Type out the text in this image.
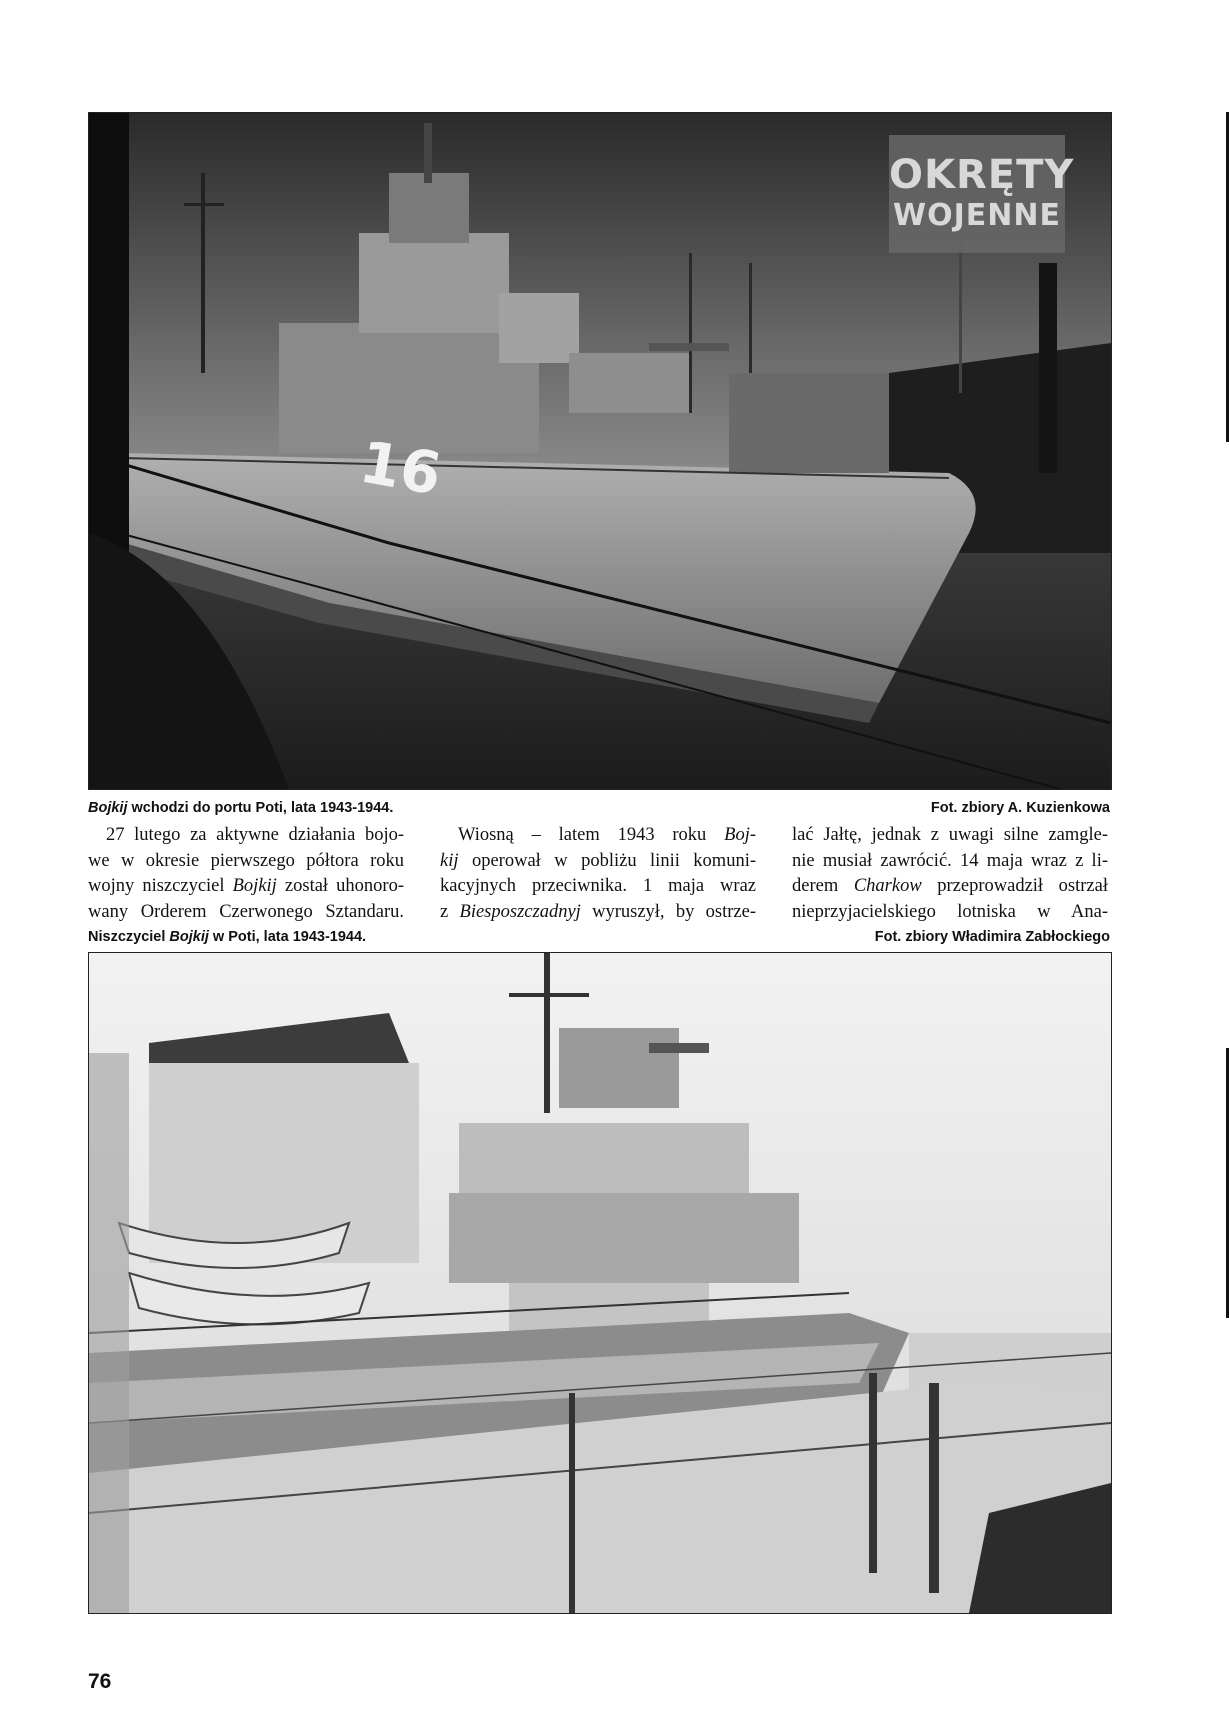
16
OKRĘTY
WOJENNE
Bojkij wchodzi do portu Poti, lata 1943-1944.	Fot. zbiory A. Kuzienkowa
27 lutego za aktywne działania bojo-
we w okresie pierwszego półtora roku
wojny niszczyciel Bojkij został uhonoro-
wany Orderem Czerwonego Sztandaru.
Wiosną – latem 1943 roku Boj-
kij operował w pobliżu linii komuni-
kacyjnych przeciwnika. 1 maja wraz
z Biesposzczadnyj wyruszył, by ostrze-
lać Jałtę, jednak z uwagi silne zamgle-
nie musiał zawrócić. 14 maja wraz z li-
derem Charkow przeprowadził ostrzał
nieprzyjacielskiego lotniska w Ana-
Niszczyciel Bojkij w Poti, lata 1943-1944.	Fot. zbiory Władimira Zabłockiego
76
